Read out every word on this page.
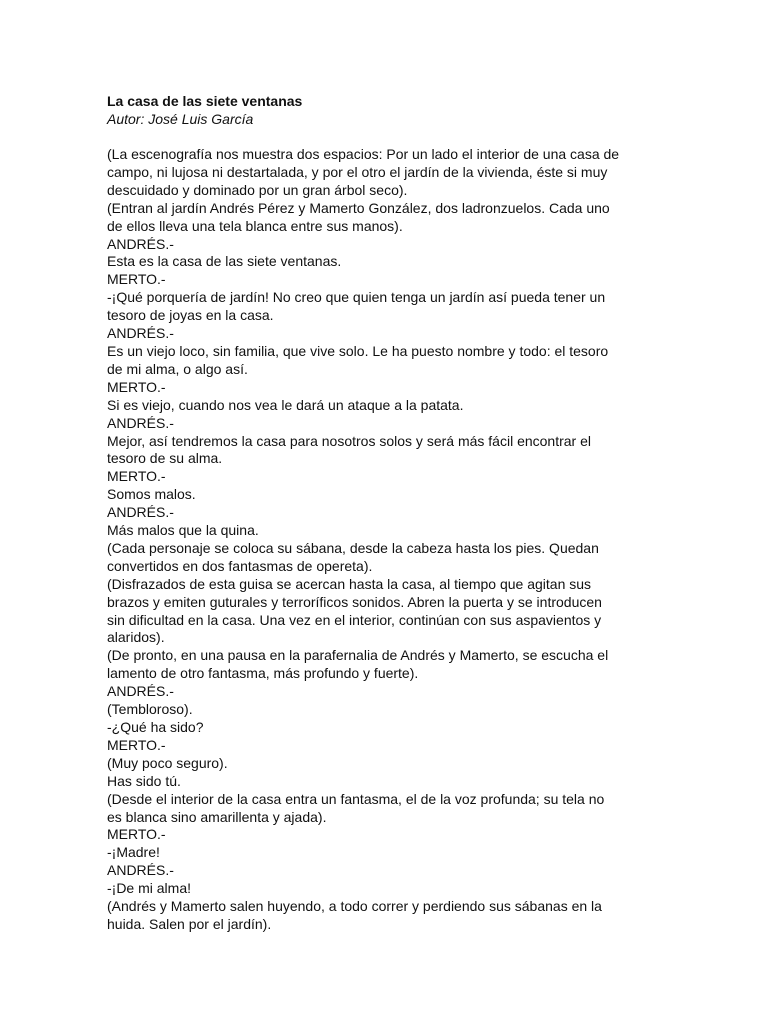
La casa de las siete ventanas

Autor: José Luis García

(La escenografía nos muestra dos espacios: Por un lado el interior de una casa de

campo, ni lujosa ni destartalada, y por el otro el jardín de la vivienda, éste si muy

descuidado y dominado por un gran árbol seco).

(Entran al jardín Andrés Pérez y Mamerto González, dos ladronzuelos. Cada uno

de ellos lleva una tela blanca entre sus manos).

ANDRÉS.-

Esta es la casa de las siete ventanas.

MERTO.-

-¡Qué porquería de jardín! No creo que quien tenga un jardín así pueda tener un

tesoro de joyas en la casa.

ANDRÉS.-

Es un viejo loco, sin familia, que vive solo. Le ha puesto nombre y todo: el tesoro

de mi alma, o algo así.

MERTO.-

Si es viejo, cuando nos vea le dará un ataque a la patata.

ANDRÉS.-

Mejor, así tendremos la casa para nosotros solos y será más fácil encontrar el

tesoro de su alma.

MERTO.-

Somos malos.

ANDRÉS.-

Más malos que la quina.

(Cada personaje se coloca su sábana, desde la cabeza hasta los pies. Quedan

convertidos en dos fantasmas de opereta).

(Disfrazados de esta guisa se acercan hasta la casa, al tiempo que agitan sus

brazos y emiten guturales y terroríficos sonidos. Abren la puerta y se introducen

sin dificultad en la casa. Una vez en el interior, continúan con sus aspavientos y

alaridos).

(De pronto, en una pausa en la parafernalia de Andrés y Mamerto, se escucha el

lamento de otro fantasma, más profundo y fuerte).

ANDRÉS.-

(Tembloroso).

-¿Qué ha sido?

MERTO.-

(Muy poco seguro).

Has sido tú.

(Desde el interior de la casa entra un fantasma, el de la voz profunda; su tela no

es blanca sino amarillenta y ajada).

MERTO.-

-¡Madre!

ANDRÉS.-

-¡De mi alma!

(Andrés y Mamerto salen huyendo, a todo correr y perdiendo sus sábanas en la

huida. Salen por el jardín).
